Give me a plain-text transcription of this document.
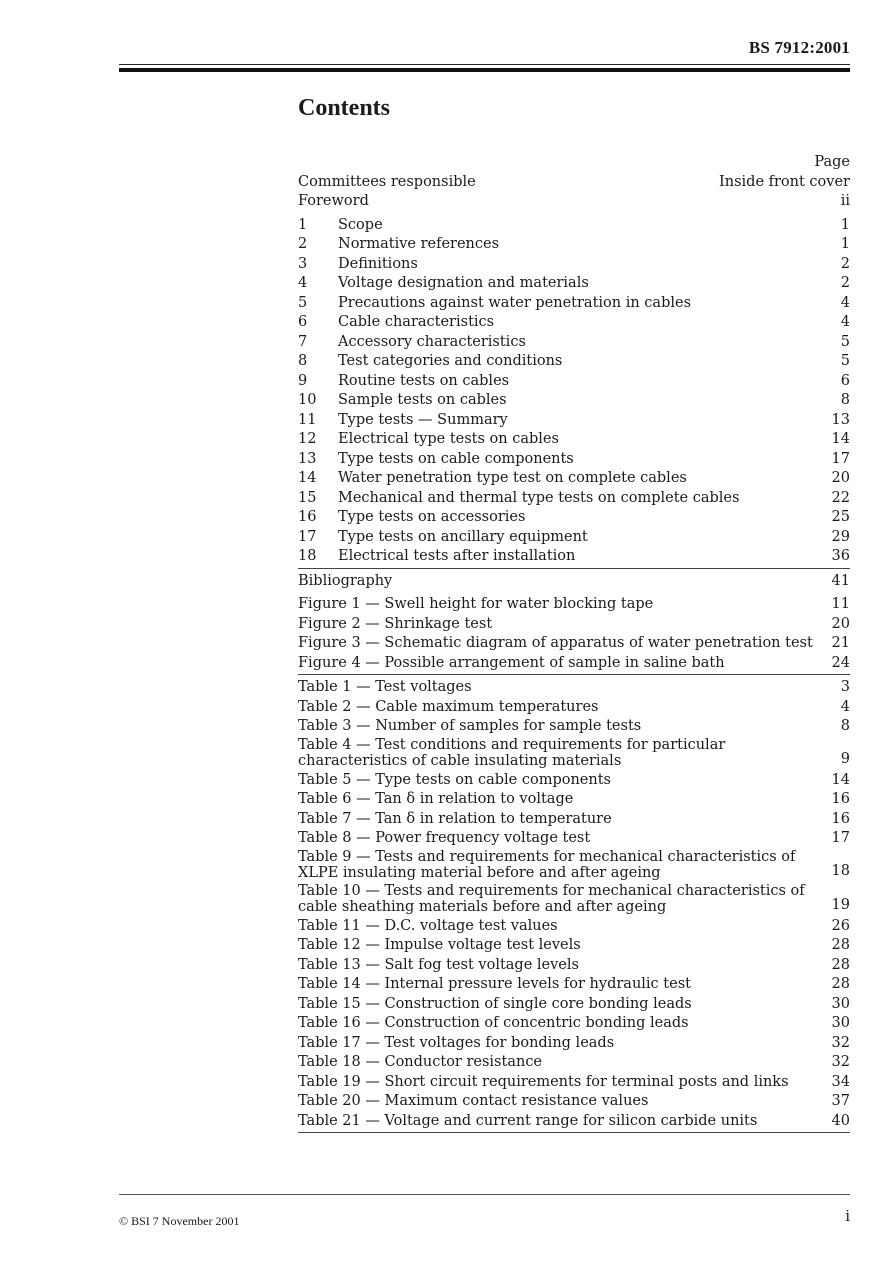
BS 7912:2001
Contents
Page
Committees responsible	Inside front cover
Foreword	ii
1 Scope	1
2 Normative references	1
3 Definitions	2
4 Voltage designation and materials	2
5 Precautions against water penetration in cables	4
6 Cable characteristics	4
7 Accessory characteristics	5
8 Test categories and conditions	5
9 Routine tests on cables	6
10 Sample tests on cables	8
11 Type tests — Summary	13
12 Electrical type tests on cables	14
13 Type tests on cable components	17
14 Water penetration type test on complete cables	20
15 Mechanical and thermal type tests on complete cables	22
16 Type tests on accessories	25
17 Type tests on ancillary equipment	29
18 Electrical tests after installation	36
Bibliography	41
Figure 1 — Swell height for water blocking tape	11
Figure 2 — Shrinkage test	20
Figure 3 — Schematic diagram of apparatus of water penetration test	21
Figure 4 — Possible arrangement of sample in saline bath	24
Table 1 — Test voltages	3
Table 2 — Cable maximum temperatures	4
Table 3 — Number of samples for sample tests	8
Table 4 — Test conditions and requirements for particular characteristics of cable insulating materials	9
Table 5 — Type tests on cable components	14
Table 6 — Tan δ in relation to voltage	16
Table 7 — Tan δ in relation to temperature	16
Table 8 — Power frequency voltage test	17
Table 9 — Tests and requirements for mechanical characteristics of XLPE insulating material before and after ageing	18
Table 10 — Tests and requirements for mechanical characteristics of cable sheathing materials before and after ageing	19
Table 11 — D.C. voltage test values	26
Table 12 — Impulse voltage test levels	28
Table 13 — Salt fog test voltage levels	28
Table 14 — Internal pressure levels for hydraulic test	28
Table 15 — Construction of single core bonding leads	30
Table 16 — Construction of concentric bonding leads	30
Table 17 — Test voltages for bonding leads	32
Table 18 — Conductor resistance	32
Table 19 — Short circuit requirements for terminal posts and links	34
Table 20 — Maximum contact resistance values	37
Table 21 — Voltage and current range for silicon carbide units	40
© BSI 7 November 2001	i
